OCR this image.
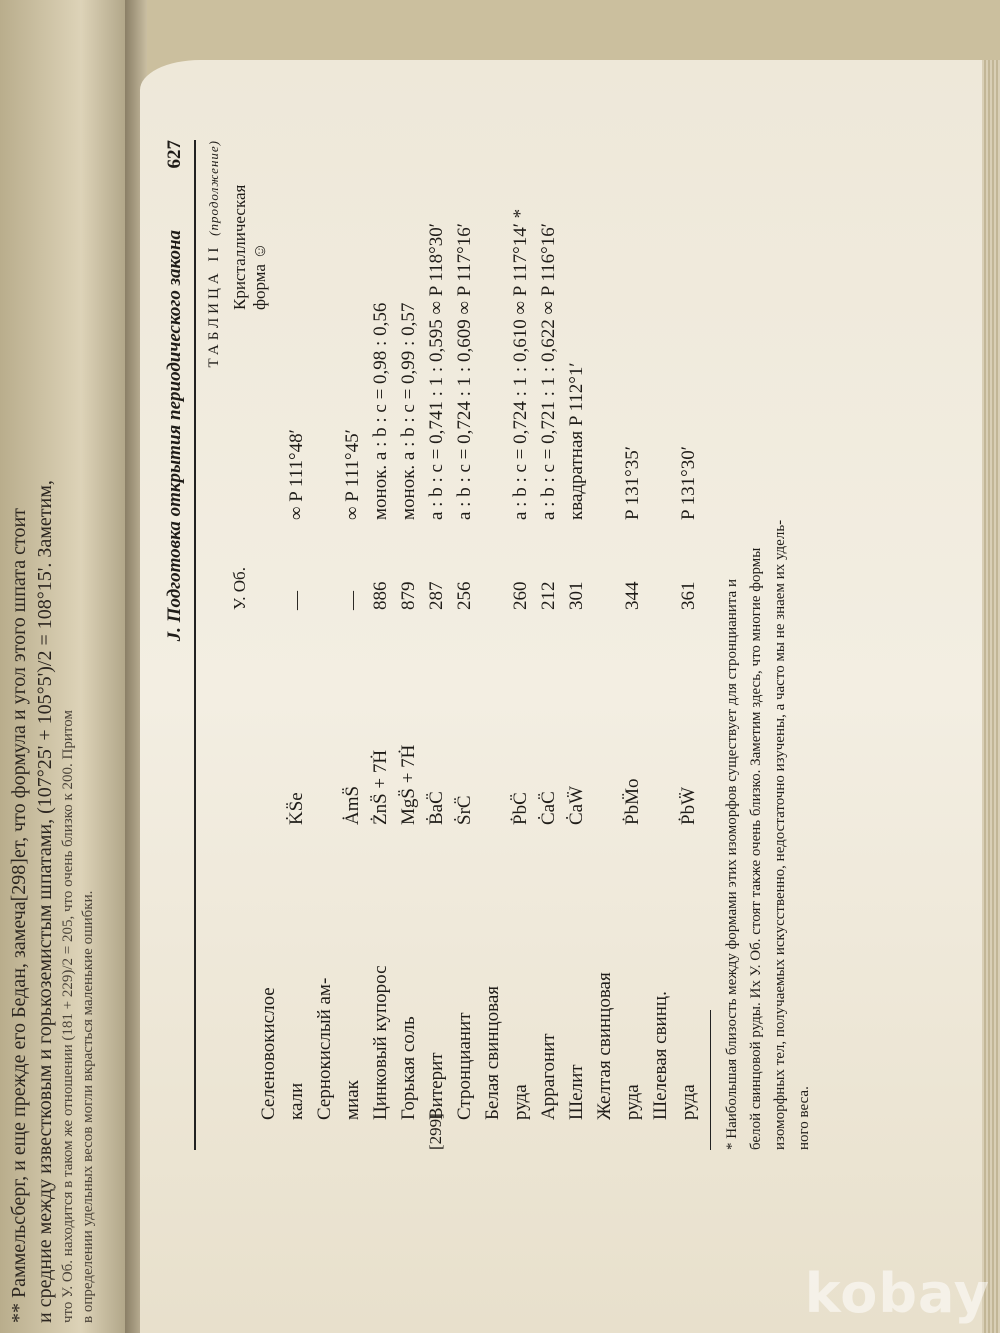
** Раммельсберг, и еще прежде его Бедан, замечa[298]ет, что формула и угол этого шпата стоит и средние между известковым и горькоземистым шпатами, (107°25' + 105°5')/2 = 108°15'. Заметим, что У. Об. находится в таком же отношении (181 + 229)/2 = 205, что очень близко к 200. Притом в определении удельных весов могли вкрасться маленькие ошибки.
J. Подготовка открытия периодического закона
627
ТАБЛИЦА II (продолжение)
У. Об.
Кристаллическая форма ☺
Селеновокислое кали
K̇S̈e
—
∞ P 111°48′
Сернокислый ам- миак
ȦmS̈
—
∞ P 111°45′
Цинковый купорос
ŻnS̈ + 7Ḣ
886
монок. a : b : c = 0,98 : 0,56
Горькая соль
MgS̈ + 7Ḣ
879
монок. a : b : c = 0,99 : 0,57
[299]
Витерит
ḂaC̈
287
a : b : c = 0,741 : 1 : 0,595 ∞ P 118°30′
Стронцианит
ṠrC̈
256
a : b : c = 0,724 : 1 : 0,609 ∞ P 117°16′
Белая свинцовая руда
ṖbC̈
260
a : b : c = 0,724 : 1 : 0,610 ∞ P 117°14′ *
Аррагонит
ĊaC̈
212
a : b : c = 0,721 : 1 : 0,622 ∞ P 116°16′
Шелит
ĊaẄ
301
квадратная P 112°1′
Желтая свинцовая руда
ṖbM̈o
344
P 131°35′
Шелевая свинц. руда
ṖbẄ
361
P 131°30′
* Наибольшая близость между формами этих изоморфов существует для стронцианита и белой свинцовой руды. Их У. Об. стоят также очень близко. Заметим здесь, что многие формы изоморфных тел, получаемых искусственно, недостаточно изучены, а часто мы не знаем их удель- ного веса.
kobay
